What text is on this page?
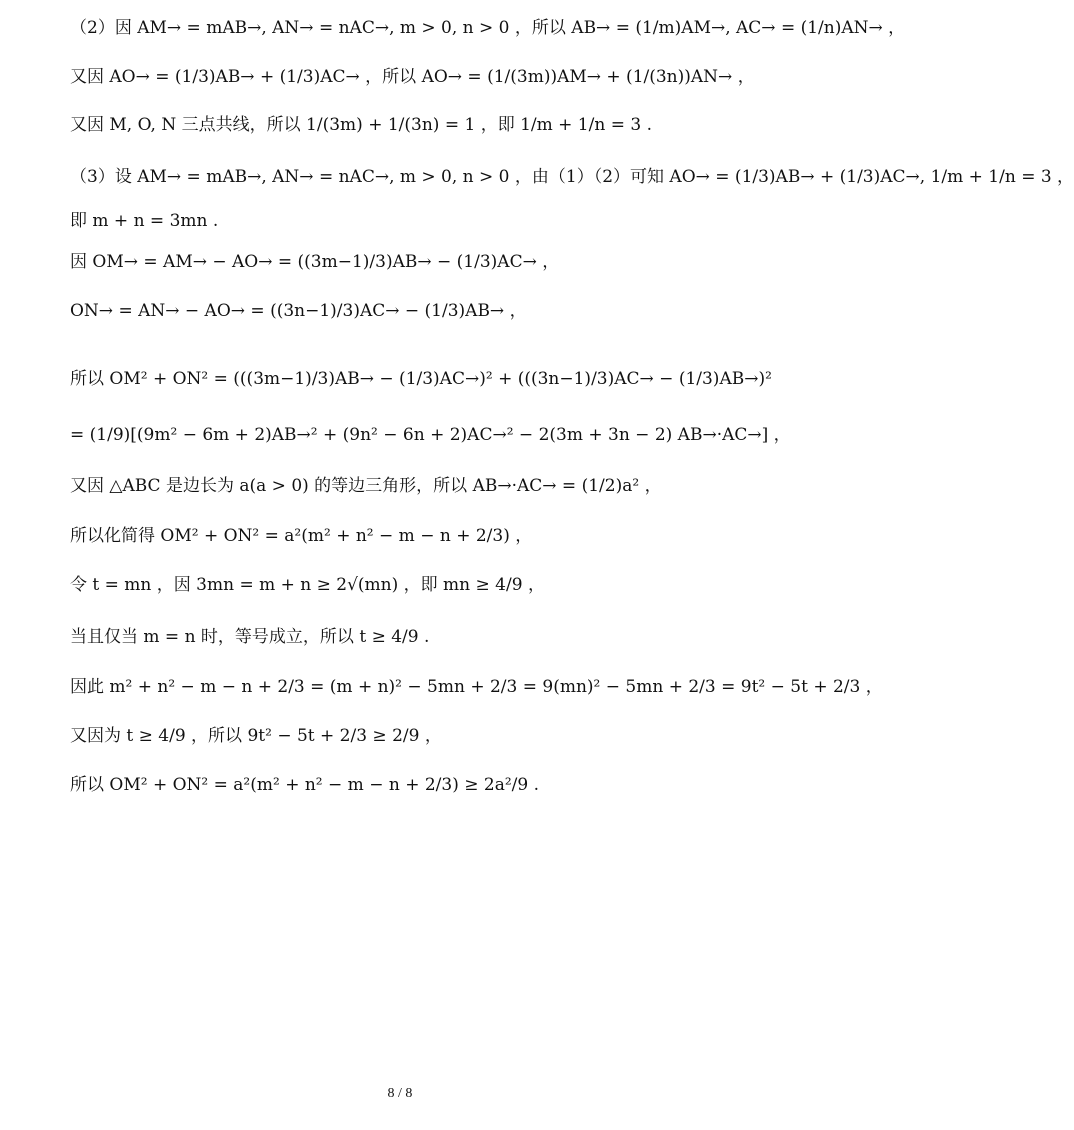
（2）因 AM→ = mAB→, AN→ = nAC→, m > 0, n > 0 ，所以 AB→ = (1/m)AM→, AC→ = (1/n)AN→ ，
又因 AO→ = (1/3)AB→ + (1/3)AC→ ，所以 AO→ = (1/(3m))AM→ + (1/(3n))AN→ ，
又因 M, O, N 三点共线，所以 1/(3m) + 1/(3n) = 1 ，即 1/m + 1/n = 3 .
（3）设 AM→ = mAB→, AN→ = nAC→, m > 0, n > 0 ，由（1）（2）可知 AO→ = (1/3)AB→ + (1/3)AC→, 1/m + 1/n = 3 ，
即 m + n = 3mn .
因 OM→ = AM→ − AO→ = ((3m−1)/3)AB→ − (1/3)AC→ ，
ON→ = AN→ − AO→ = ((3n−1)/3)AC→ − (1/3)AB→ ，
所以 OM² + ON² = (((3m−1)/3)AB→ − (1/3)AC→)² + (((3n−1)/3)AC→ − (1/3)AB→)²
= (1/9)[(9m² − 6m + 2)AB→² + (9n² − 6n + 2)AC→² − 2(3m + 3n − 2) AB→·AC→] ，
又因 △ABC 是边长为 a(a > 0) 的等边三角形，所以 AB→·AC→ = (1/2)a² ，
所以化简得 OM² + ON² = a²(m² + n² − m − n + 2/3) ，
令 t = mn ，因 3mn = m + n ≥ 2√(mn) ，即 mn ≥ 4/9 ，
当且仅当 m = n 时，等号成立，所以 t ≥ 4/9 .
因此 m² + n² − m − n + 2/3 = (m + n)² − 5mn + 2/3 = 9(mn)² − 5mn + 2/3 = 9t² − 5t + 2/3 ，
又因为 t ≥ 4/9 ，所以 9t² − 5t + 2/3 ≥ 2/9 ，
所以 OM² + ON² = a²(m² + n² − m − n + 2/3) ≥ 2a²/9 .
8 / 8
